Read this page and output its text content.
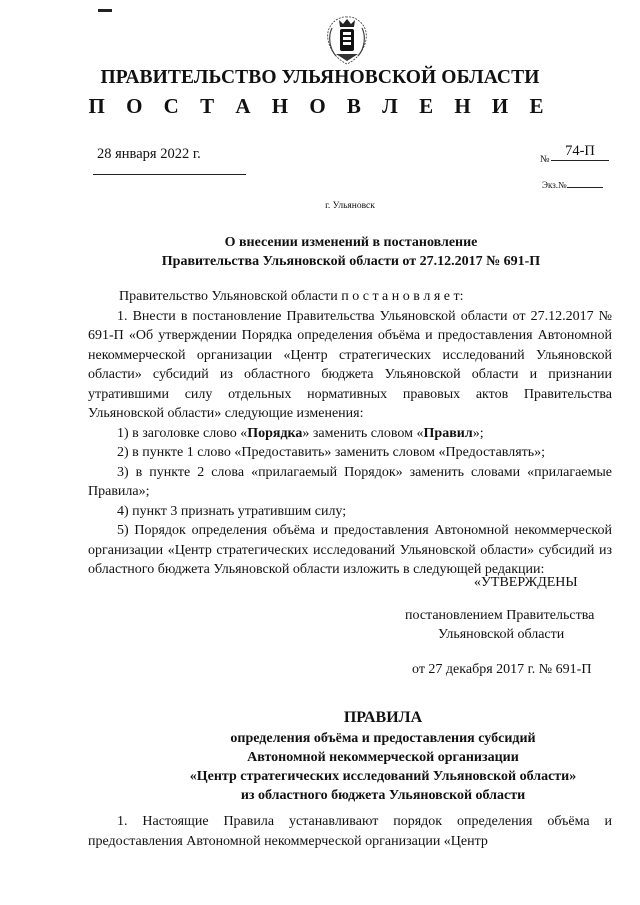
ПРАВИТЕЛЬСТВО УЛЬЯНОВСКОЙ ОБЛАСТИ
П О С Т А Н О В Л Е Н И Е
28 января 2022 г.	№
74-П
Экз.№
г. Ульяновск
О внесении изменений в постановление
Правительства Ульяновской области от 27.12.2017 № 691-П

Правительство Ульяновской области п о с т а н о в л я е т:

1. Внести в постановление Правительства Ульяновской области от 27.12.2017 № 691-П «Об утверждении Порядка определения объёма и предоставления Автономной некоммерческой организации «Центр стратегических исследований Ульяновской области» субсидий из областного бюджета Ульяновской области и признании утратившими силу отдельных нормативных правовых актов Правительства Ульяновской области» следующие изменения:

1) в заголовке слово «Порядка» заменить словом «Правил»;

2) в пункте 1 слово «Предоставить» заменить словом «Предоставлять»;

3) в пункте 2 слова «прилагаемый Порядок» заменить словами «прилагаемые Правила»;

4) пункт 3 признать утратившим силу;

5) Порядок определения объёма и предоставления Автономной некоммерческой организации «Центр стратегических исследований Ульяновской области» субсидий из областного бюджета Ульяновской области изложить в следующей редакции:

«УТВЕРЖДЕНЫ
постановлением Правительства
Ульяновской области
от 27 декабря 2017 г. № 691-П
ПРАВИЛА
определения объёма и предоставления субсидий
Автономной некоммерческой организации
«Центр стратегических исследований Ульяновской области»
из областного бюджета Ульяновской области

1. Настоящие Правила устанавливают порядок определения объёма и предоставления Автономной некоммерческой организации «Центр
